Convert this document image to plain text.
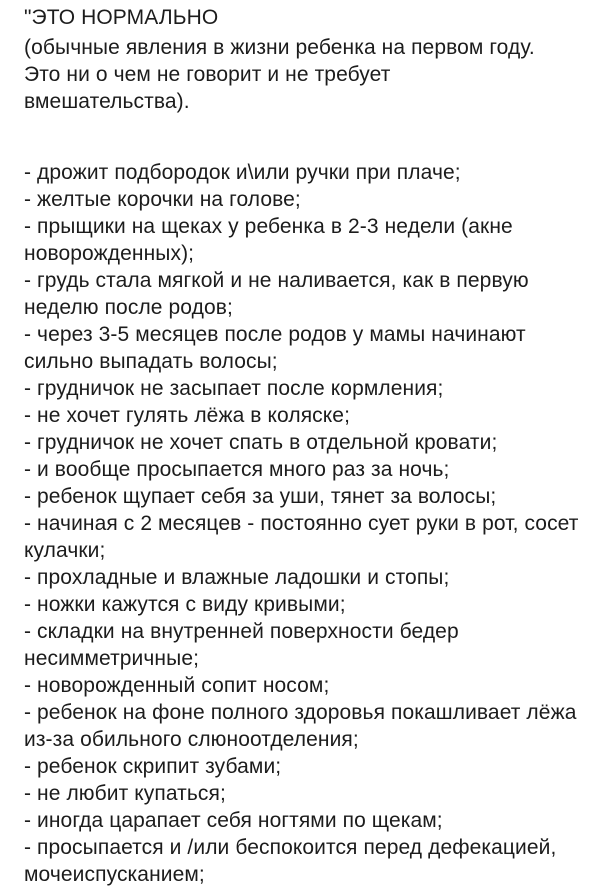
"ЭТО НОРМАЛЬНО

(обычные явления в жизни ребенка на первом году. Это ни о чем не говорит и не требует вмешательства).

- дрожит подбородок и\или ручки при плаче;
- желтые корочки на голове;
- прыщики на щеках у ребенка в 2-3 недели (акне новорожденных);
- грудь стала мягкой и не наливается, как в первую неделю после родов;
- через 3-5 месяцев после родов у мамы начинают сильно выпадать волосы;
- грудничок не засыпает после кормления;
- не хочет гулять лёжа в коляске;
- грудничок не хочет спать в отдельной кровати;
- и вообще просыпается много раз за ночь;
- ребенок щупает себя за уши, тянет за волосы;
- начиная с 2 месяцев - постоянно сует руки в рот, сосет кулачки;
- прохладные и влажные ладошки и стопы;
- ножки кажутся с виду кривыми;
- складки на внутренней поверхности бедер несимметричные;
- новорожденный сопит носом;
- ребенок на фоне полного здоровья покашливает лёжа из-за обильного слюноотделения;
- ребенок скрипит зубами;
- не любит купаться;
- иногда царапает себя ногтями по щекам;
- просыпается и /или беспокоится перед дефекацией, мочеиспусканием;
